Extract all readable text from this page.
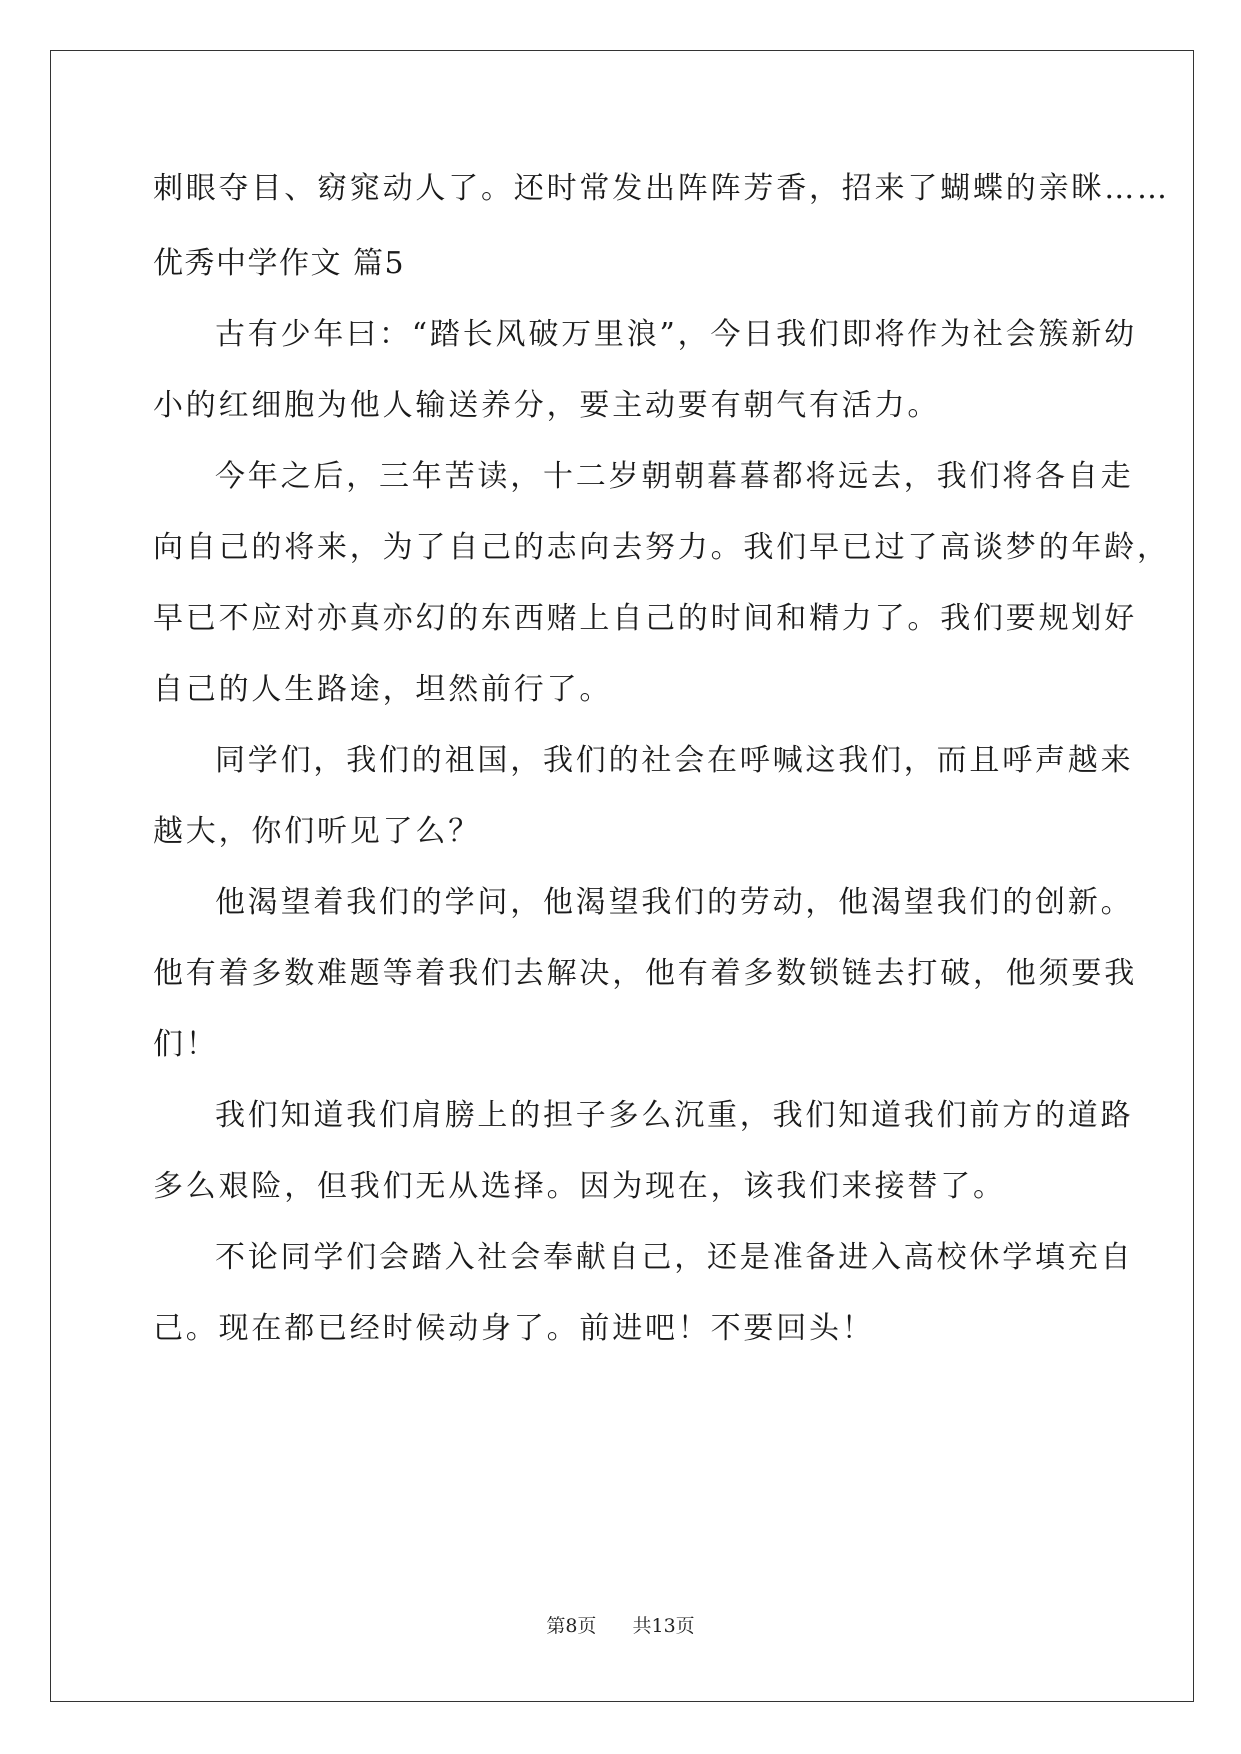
刺眼夺目、窈窕动人了。还时常发出阵阵芳香，招来了蝴蝶的亲眯……
优秀中学作文 篇5
古有少年曰：“踏长风破万里浪”，今日我们即将作为社会簇新幼
小的红细胞为他人输送养分，要主动要有朝气有活力。
今年之后，三年苦读，十二岁朝朝暮暮都将远去，我们将各自走
向自己的将来，为了自己的志向去努力。我们早已过了高谈梦的年龄，
早已不应对亦真亦幻的东西赌上自己的时间和精力了。我们要规划好
自己的人生路途，坦然前行了。
同学们，我们的祖国，我们的社会在呼喊这我们，而且呼声越来
越大，你们听见了么？
他渴望着我们的学问，他渴望我们的劳动，他渴望我们的创新。
他有着多数难题等着我们去解决，他有着多数锁链去打破，他须要我
们！
我们知道我们肩膀上的担子多么沉重，我们知道我们前方的道路
多么艰险，但我们无从选择。因为现在，该我们来接替了。
不论同学们会踏入社会奉献自己，还是准备进入高校休学填充自
己。现在都已经时候动身了。前进吧！不要回头！
第8页 共13页
